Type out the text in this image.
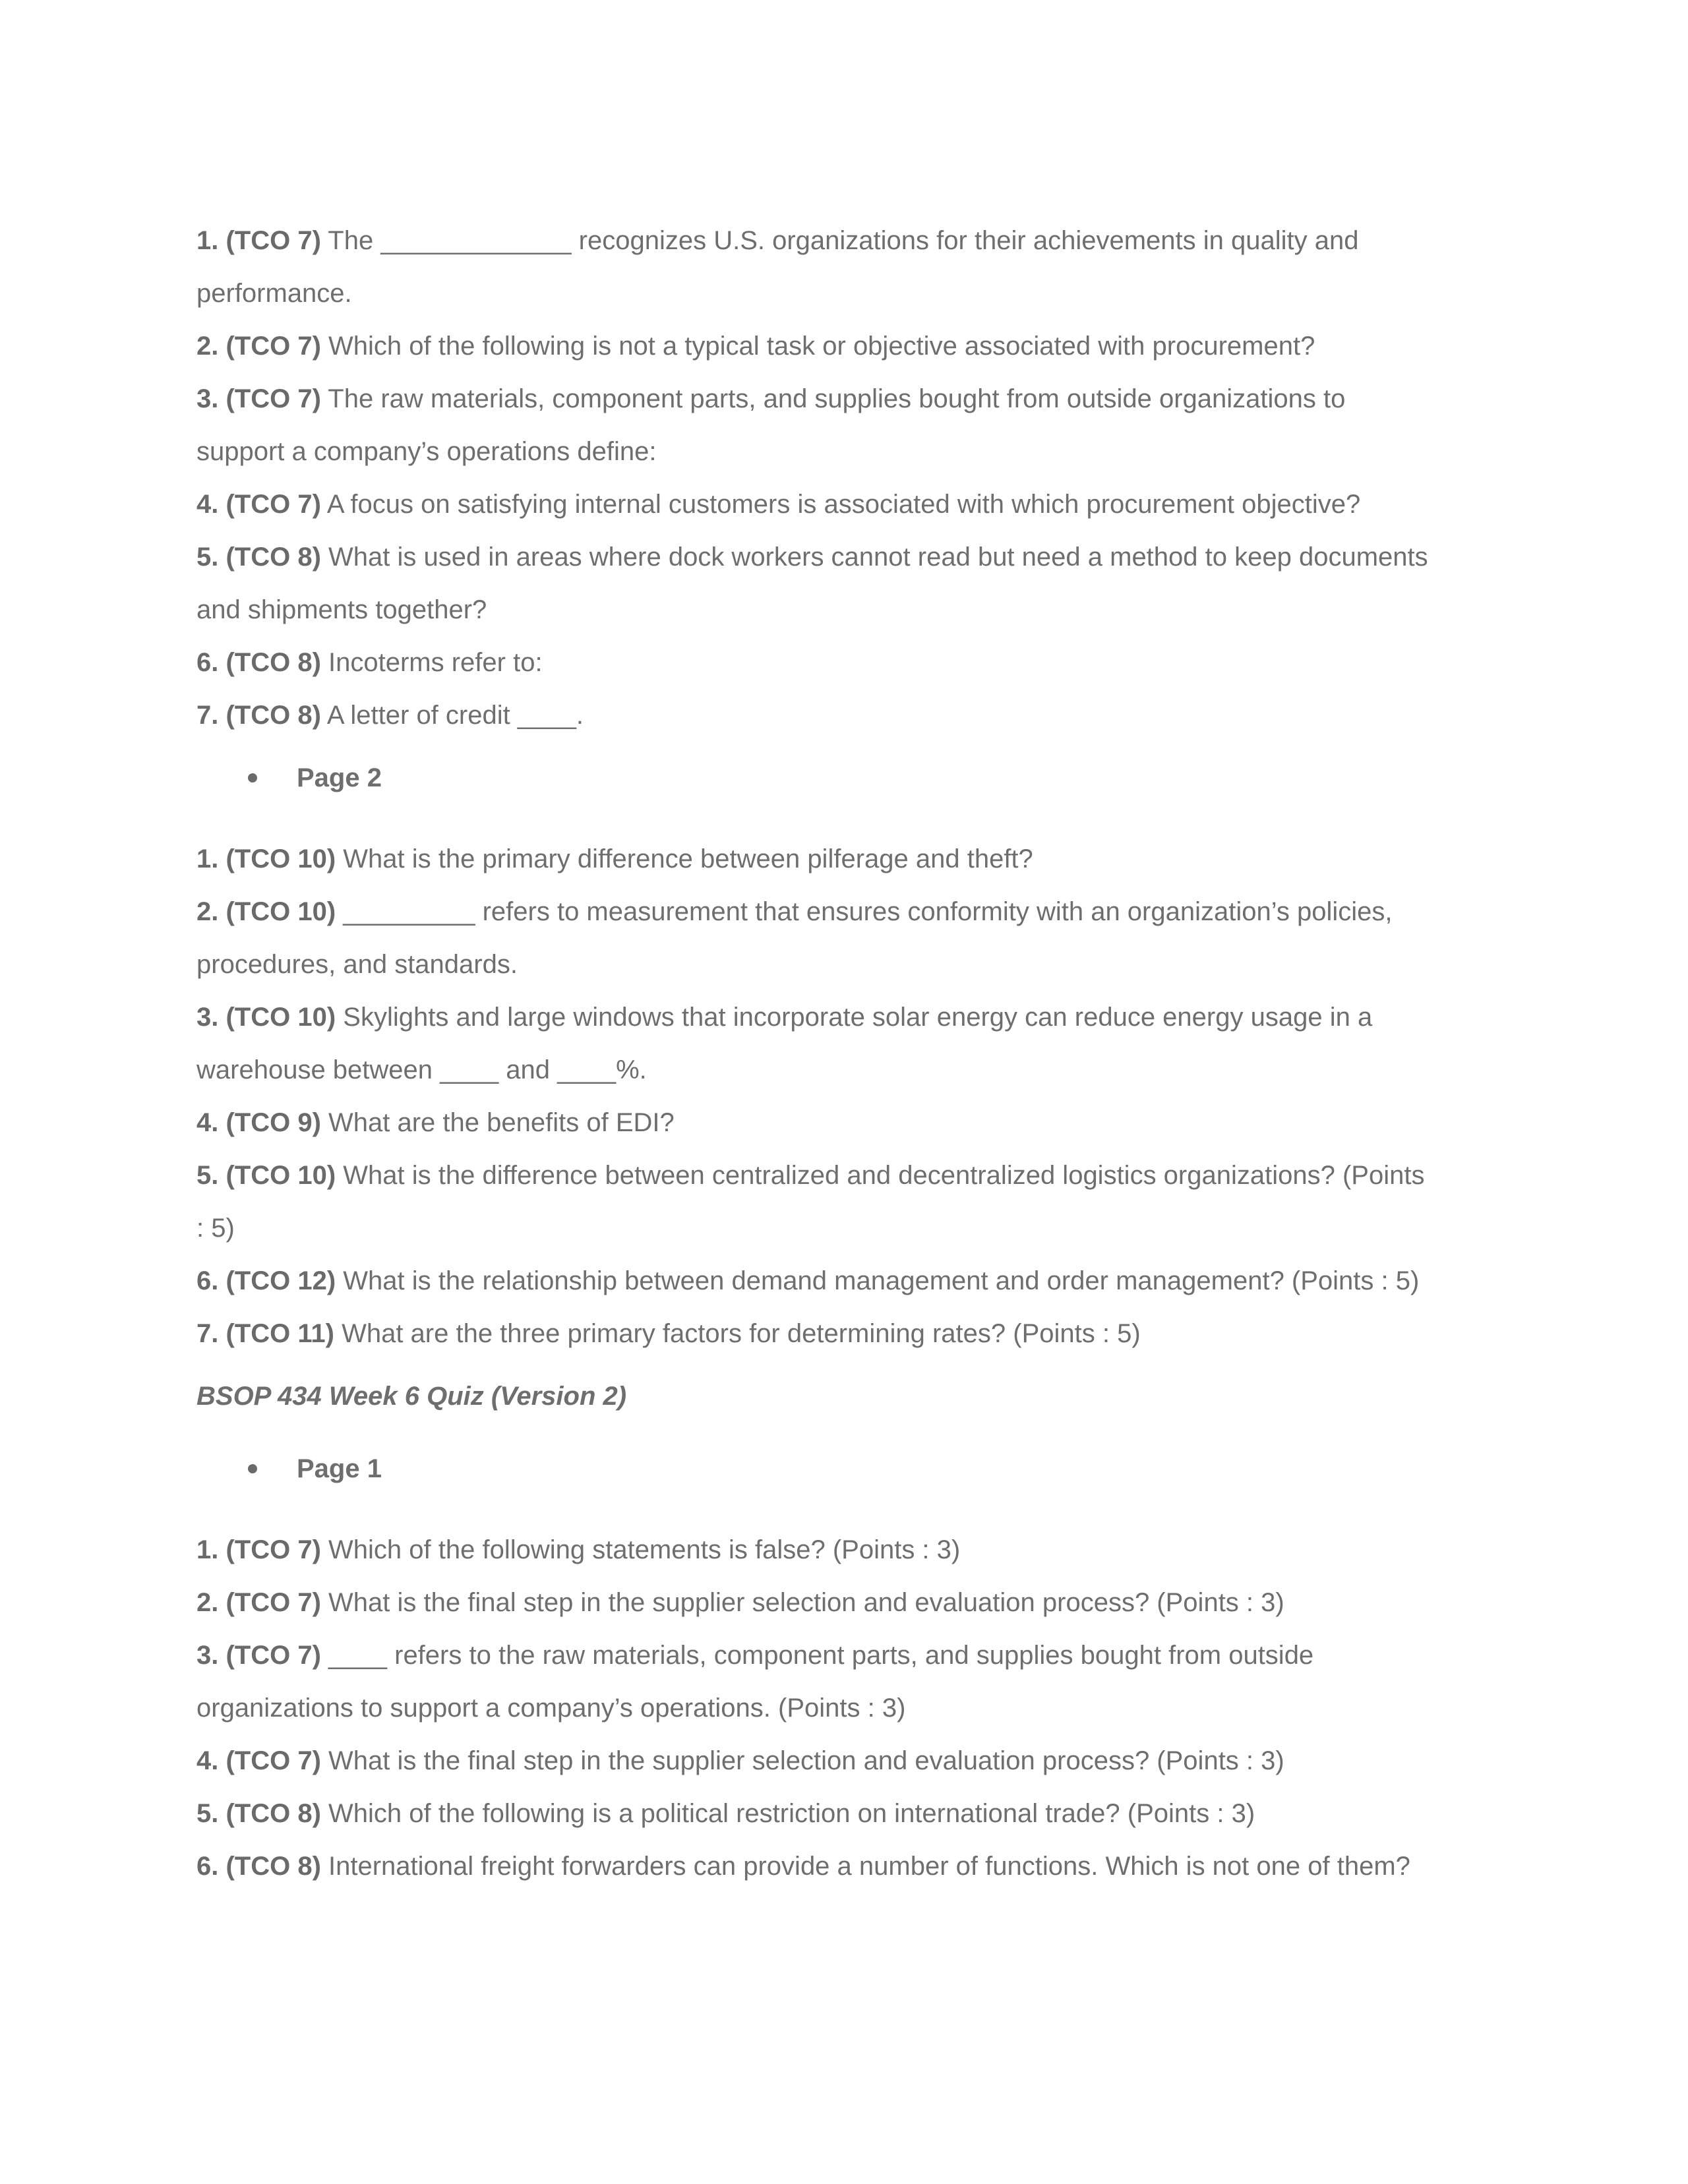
1. (TCO 7) The _____________ recognizes U.S. organizations for their achievements in quality and
performance.
2. (TCO 7) Which of the following is not a typical task or objective associated with procurement?
3. (TCO 7) The raw materials, component parts, and supplies bought from outside organizations to
support a company’s operations define:
4. (TCO 7) A focus on satisfying internal customers is associated with which procurement objective?
5. (TCO 8) What is used in areas where dock workers cannot read but need a method to keep documents
and shipments together?
6. (TCO 8) Incoterms refer to:
7. (TCO 8) A letter of credit ____.
Page 2
1. (TCO 10) What is the primary difference between pilferage and theft?
2. (TCO 10) _________ refers to measurement that ensures conformity with an organization’s policies,
procedures, and standards.
3. (TCO 10) Skylights and large windows that incorporate solar energy can reduce energy usage in a
warehouse between ____ and ____%.
4. (TCO 9) What are the benefits of EDI?
5. (TCO 10) What is the difference between centralized and decentralized logistics organizations? (Points
: 5)
6. (TCO 12) What is the relationship between demand management and order management? (Points : 5)
7. (TCO 11) What are the three primary factors for determining rates? (Points : 5)
BSOP 434 Week 6 Quiz (Version 2)
Page 1
1. (TCO 7) Which of the following statements is false? (Points : 3)
2. (TCO 7) What is the final step in the supplier selection and evaluation process? (Points : 3)
3. (TCO 7) ____ refers to the raw materials, component parts, and supplies bought from outside
organizations to support a company’s operations. (Points : 3)
4. (TCO 7) What is the final step in the supplier selection and evaluation process? (Points : 3)
5. (TCO 8) Which of the following is a political restriction on international trade? (Points : 3)
6. (TCO 8) International freight forwarders can provide a number of functions. Which is not one of them?
